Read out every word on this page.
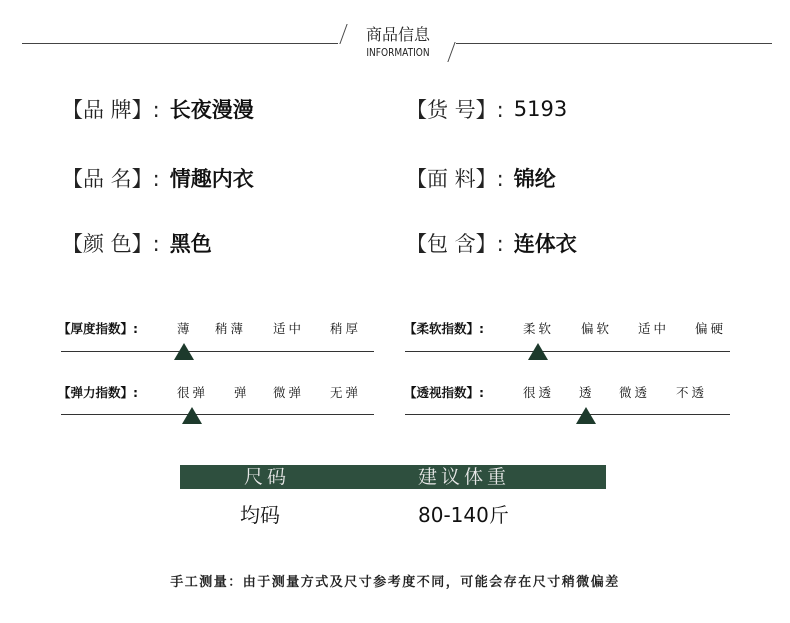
商品信息
INFORMATION
【品 牌】: 长夜漫漫	【货 号】: 5193
【品 名】: 情趣内衣	【面 料】: 锦纶
【颜 色】: 黑色	【包 含】: 连体衣
【厚度指数】:	薄 稍薄 适中 稍厚	【柔软指数】:	柔软 偏软 适中 偏硬
【弹力指数】:	很弹 弹 微弹 无弹	【透视指数】:	很透 透 微透 不透
尺码	建议体重
均码	80-140斤
手工测量：由于测量方式及尺寸参考度不同，可能会存在尺寸稍微偏差
